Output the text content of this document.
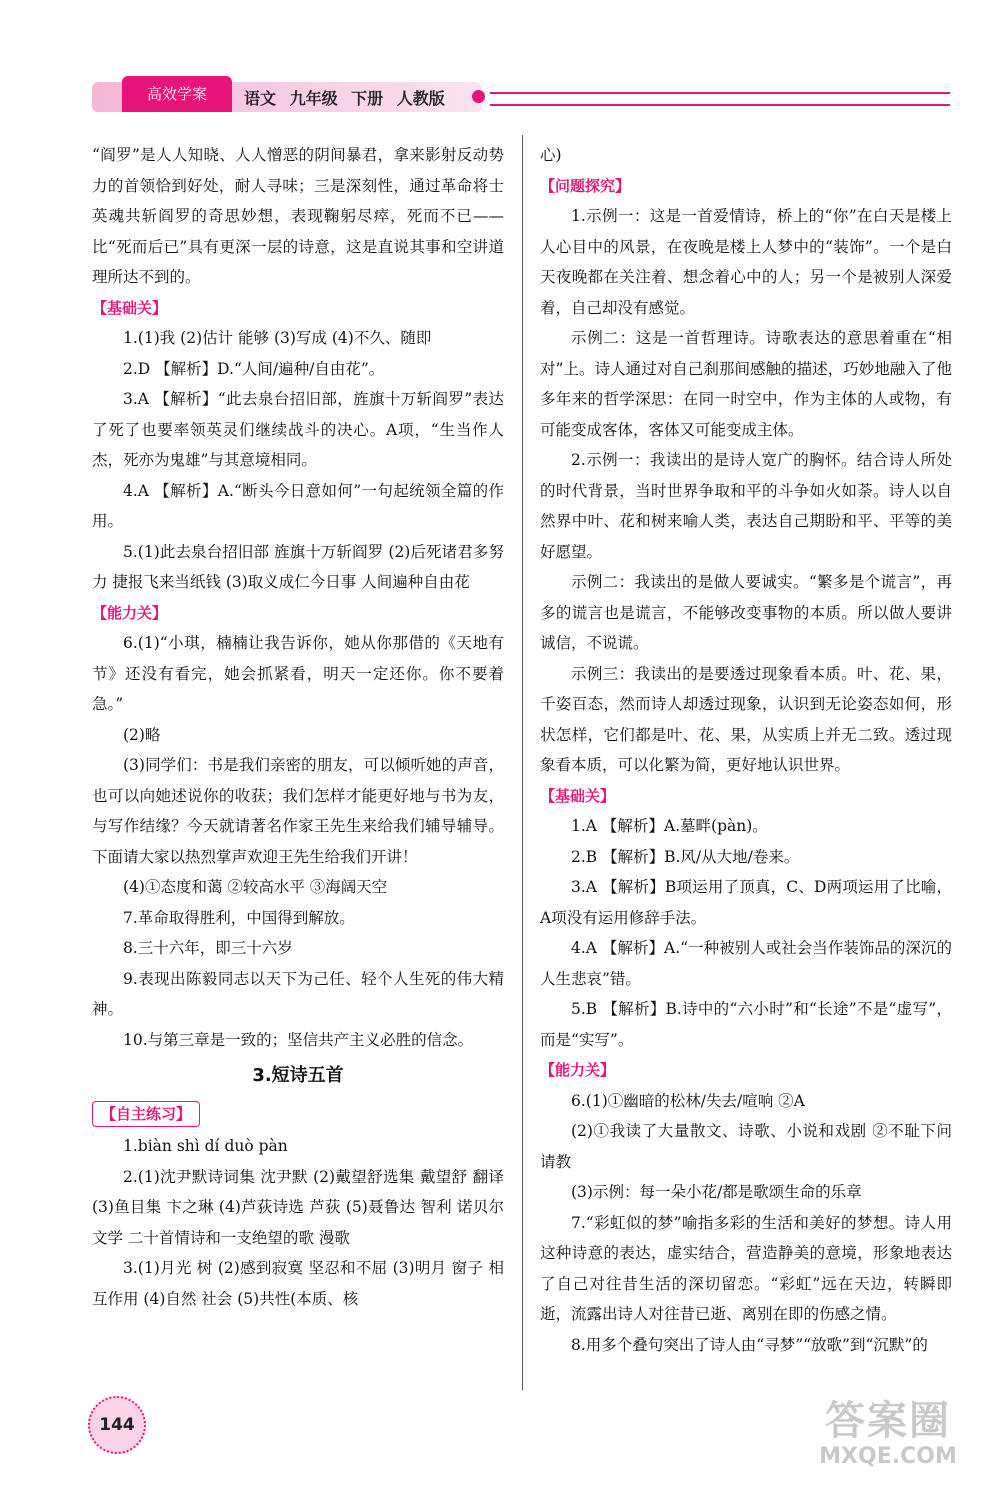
高效学案	语文 九年级 下册 人教版

“阎罗”是人人知晓、人人憎恶的阴间暴君，拿来影射反动势力的首领恰到好处，耐人寻味；三是深刻性，通过革命将士英魂共斩阎罗的奇思妙想，表现鞠躬尽瘁，死而不已——比“死而后已”具有更深一层的诗意，这是直说其事和空讲道理所达不到的。

【基础关】

1.(1)我 (2)估计 能够 (3)写成 (4)不久、随即

2.D 【解析】D.“人间/遍种/自由花”。

3.A 【解析】“此去泉台招旧部，旌旗十万斩阎罗”表达了死了也要率领英灵们继续战斗的决心。A项，“生当作人杰，死亦为鬼雄”与其意境相同。

4.A 【解析】A.“断头今日意如何”一句起统领全篇的作用。

5.(1)此去泉台招旧部 旌旗十万斩阎罗 (2)后死诸君多努力 捷报飞来当纸钱 (3)取义成仁今日事 人间遍种自由花

【能力关】

6.(1)“小琪，楠楠让我告诉你，她从你那借的《天地有节》还没有看完，她会抓紧看，明天一定还你。你不要着急。”

(2)略

(3)同学们：书是我们亲密的朋友，可以倾听她的声音，也可以向她述说你的收获；我们怎样才能更好地与书为友，与写作结缘？今天就请著名作家王先生来给我们辅导辅导。下面请大家以热烈掌声欢迎王先生给我们开讲！

(4)①态度和蔼 ②较高水平 ③海阔天空

7.革命取得胜利，中国得到解放。

8.三十六年，即三十六岁

9.表现出陈毅同志以天下为己任、轻个人生死的伟大精神。

10.与第三章是一致的；坚信共产主义必胜的信念。

3.短诗五首
【自主练习】

1.biàn shì dí duò pàn

2.(1)沈尹默诗词集 沈尹默 (2)戴望舒选集 戴望舒 翻译 (3)鱼目集 卞之琳 (4)芦荻诗选 芦荻 (5)聂鲁达 智利 诺贝尔文学 二十首情诗和一支绝望的歌 漫歌

3.(1)月光 树 (2)感到寂寞 坚忍和不屈 (3)明月 窗子 相互作用 (4)自然 社会 (5)共性(本质、核

心)

【问题探究】

1.示例一：这是一首爱情诗，桥上的“你”在白天是楼上人心目中的风景，在夜晚是楼上人梦中的“装饰”。一个是白天夜晚都在关注着、想念着心中的人；另一个是被别人深爱着，自己却没有感觉。

示例二：这是一首哲理诗。诗歌表达的意思着重在“相对”上。诗人通过对自己刹那间感触的描述，巧妙地融入了他多年来的哲学深思：在同一时空中，作为主体的人或物，有可能变成客体，客体又可能变成主体。

2.示例一：我读出的是诗人宽广的胸怀。结合诗人所处的时代背景，当时世界争取和平的斗争如火如荼。诗人以自然界中叶、花和树来喻人类，表达自己期盼和平、平等的美好愿望。

示例二：我读出的是做人要诚实。“繁多是个谎言”，再多的谎言也是谎言，不能够改变事物的本质。所以做人要讲诚信，不说谎。

示例三：我读出的是要透过现象看本质。叶、花、果，千姿百态，然而诗人却透过现象，认识到无论姿态如何，形状怎样，它们都是叶、花、果，从实质上并无二致。透过现象看本质，可以化繁为简，更好地认识世界。

【基础关】

1.A 【解析】A.墓畔(pàn)。

2.B 【解析】B.风/从大地/卷来。

3.A 【解析】B项运用了顶真，C、D两项运用了比喻，A项没有运用修辞手法。

4.A 【解析】A.“一种被别人或社会当作装饰品的深沉的人生悲哀”错。

5.B 【解析】B.诗中的“六小时”和“长途”不是“虚写”，而是“实写”。

【能力关】

6.(1)①幽暗的松林/失去/喧响 ②A

(2)①我读了大量散文、诗歌、小说和戏剧 ②不耻下问 请教

(3)示例：每一朵小花/都是歌颂生命的乐章

7.“彩虹似的梦”喻指多彩的生活和美好的梦想。诗人用这种诗意的表达，虚实结合，营造静美的意境，形象地表达了自己对往昔生活的深切留恋。“彩虹”远在天边，转瞬即逝，流露出诗人对往昔已逝、离别在即的伤感之情。

8.用多个叠句突出了诗人由“寻梦”“放歌”到“沉默”的

144	答案圈
MXQE.COM
